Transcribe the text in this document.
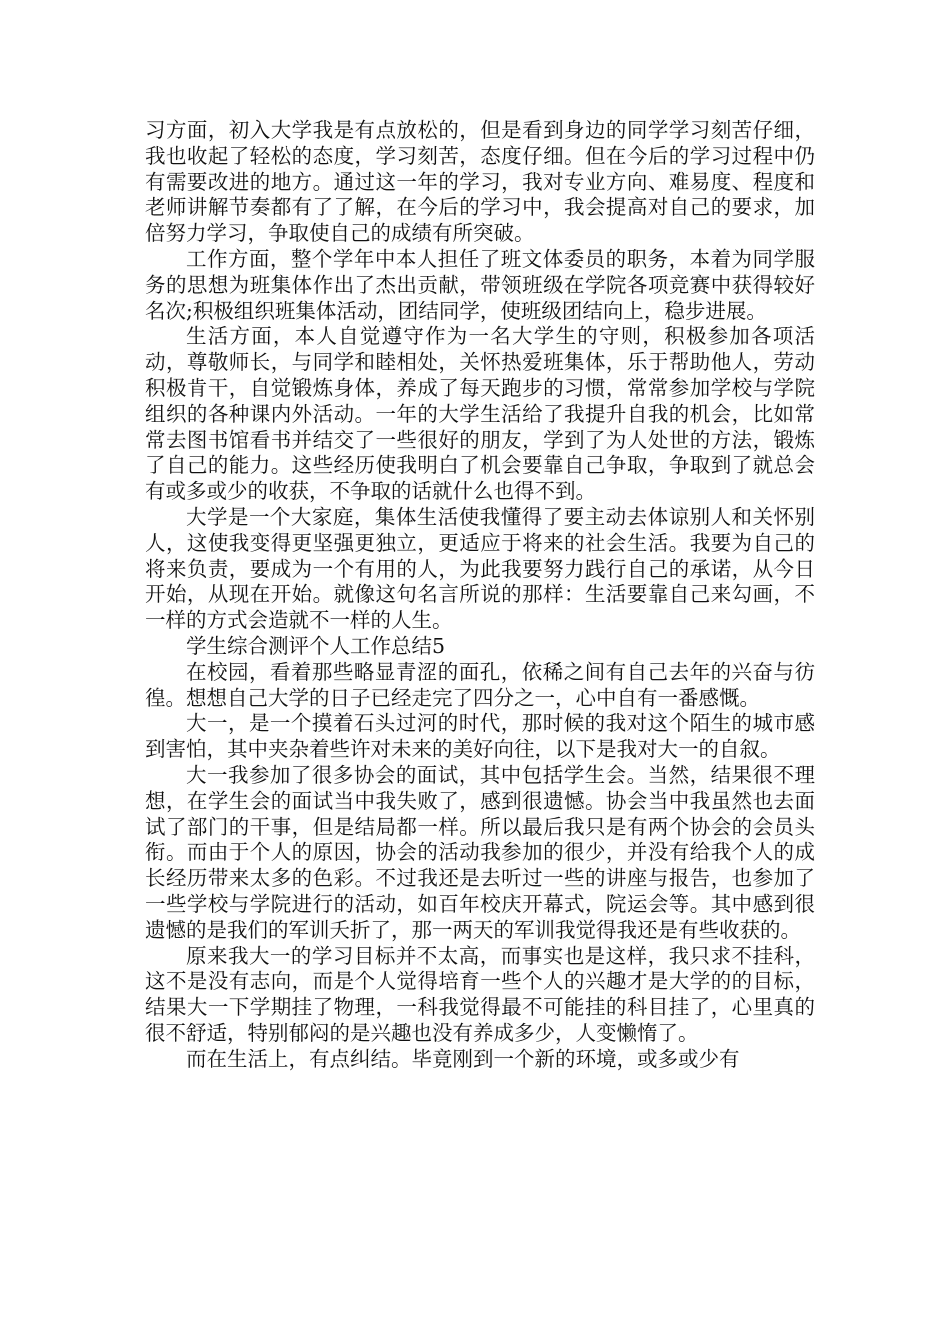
习方面，初入大学我是有点放松的，但是看到身边的同学学习刻苦仔细，我也收起了轻松的态度，学习刻苦，态度仔细。但在今后的学习过程中仍有需要改进的地方。通过这一年的学习，我对专业方向、难易度、程度和老师讲解节奏都有了了解，在今后的学习中，我会提高对自己的要求，加倍努力学习，争取使自己的成绩有所突破。

工作方面，整个学年中本人担任了班文体委员的职务，本着为同学服务的思想为班集体作出了杰出贡献，带领班级在学院各项竞赛中获得较好名次;积极组织班集体活动，团结同学，使班级团结向上，稳步进展。

生活方面，本人自觉遵守作为一名大学生的守则，积极参加各项活动，尊敬师长，与同学和睦相处，关怀热爱班集体，乐于帮助他人，劳动积极肯干，自觉锻炼身体，养成了每天跑步的习惯，常常参加学校与学院组织的各种课内外活动。一年的大学生活给了我提升自我的机会，比如常常去图书馆看书并结交了一些很好的朋友，学到了为人处世的方法，锻炼了自己的能力。这些经历使我明白了机会要靠自己争取，争取到了就总会有或多或少的收获，不争取的话就什么也得不到。

大学是一个大家庭，集体生活使我懂得了要主动去体谅别人和关怀别人，这使我变得更坚强更独立，更适应于将来的社会生活。我要为自己的将来负责，要成为一个有用的人，为此我要努力践行自己的承诺，从今日开始，从现在开始。就像这句名言所说的那样：生活要靠自己来勾画，不一样的方式会造就不一样的人生。

学生综合测评个人工作总结5

在校园，看着那些略显青涩的面孔，依稀之间有自己去年的兴奋与彷徨。想想自己大学的日子已经走完了四分之一，心中自有一番感慨。

大一，是一个摸着石头过河的时代，那时候的我对这个陌生的城市感到害怕，其中夹杂着些许对未来的美好向往，以下是我对大一的自叙。

大一我参加了很多协会的面试，其中包括学生会。当然，结果很不理想，在学生会的面试当中我失败了，感到很遗憾。协会当中我虽然也去面试了部门的干事，但是结局都一样。所以最后我只是有两个协会的会员头衔。而由于个人的原因，协会的活动我参加的很少，并没有给我个人的成长经历带来太多的色彩。不过我还是去听过一些的讲座与报告，也参加了一些学校与学院进行的活动，如百年校庆开幕式，院运会等。其中感到很遗憾的是我们的军训夭折了，那一两天的军训我觉得我还是有些收获的。

原来我大一的学习目标并不太高，而事实也是这样，我只求不挂科，这不是没有志向，而是个人觉得培育一些个人的兴趣才是大学的的目标，结果大一下学期挂了物理，一科我觉得最不可能挂的科目挂了，心里真的很不舒适，特别郁闷的是兴趣也没有养成多少，人变懒惰了。

而在生活上，有点纠结。毕竟刚到一个新的环境，或多或少有
